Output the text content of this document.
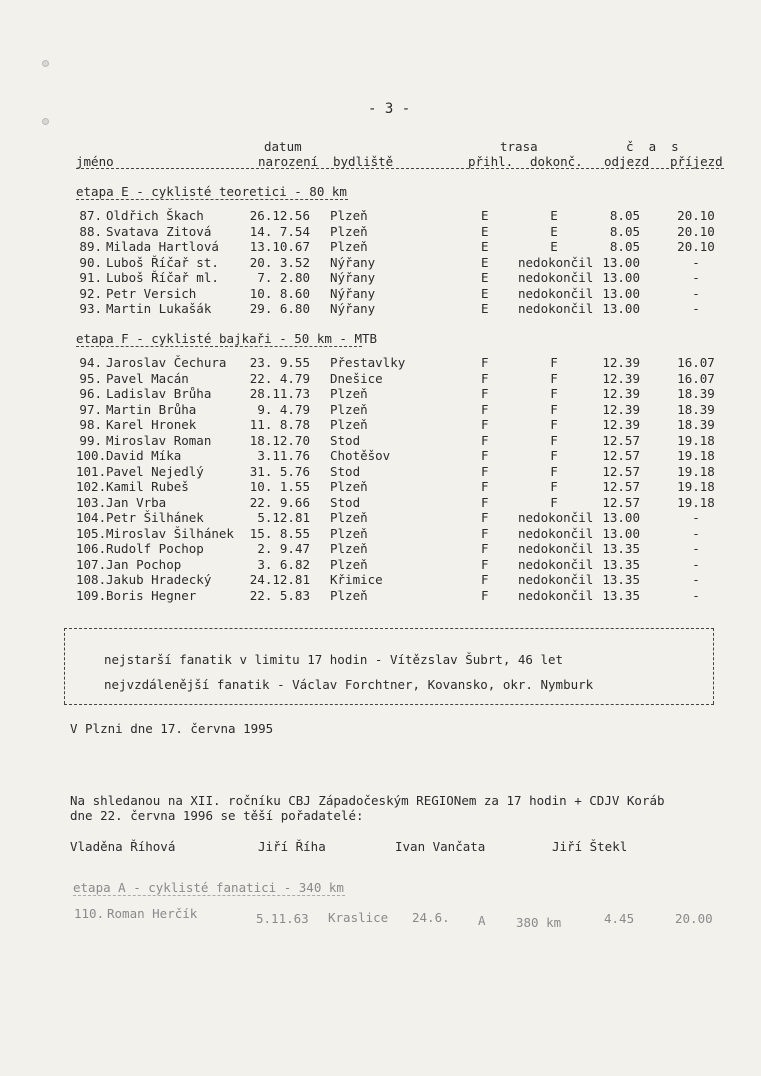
- 3 -
datum	trasa	č  a  s
jméno	narození bydliště	přihl. dokonč. odjezd příjezd
etapa E - cyklisté teoretici - 80 km
87. Oldřich Škach	26.12.56 Plzeň	E	E	8.05	20.10
88. Svatava Zitová	14. 7.54 Plzeň	E	E	8.05	20.10
89. Milada Hartlová	13.10.67 Plzeň	E	E	8.05	20.10
90. Luboš Říčař st.	20. 3.52 Nýřany	E nedokončil 13.00	-
91. Luboš Říčař ml.	7. 2.80 Nýřany	E nedokončil 13.00	-
92. Petr Versich	10. 8.60 Nýřany	E nedokončil 13.00	-
93. Martin Lukašák	29. 6.80 Nýřany	E nedokončil 13.00	-
etapa F - cyklisté bajkaři - 50 km - MTB
94. Jaroslav Čechura	23. 9.55 Přestavlky	F	F	12.39	16.07
95. Pavel Macán	22. 4.79 Dnešice	F	F	12.39	16.07
96. Ladislav Brůha	28.11.73 Plzeň	F	F	12.39	18.39
97. Martin Brůha	9. 4.79 Plzeň	F	F	12.39	18.39
98. Karel Hronek	11. 8.78 Plzeň	F	F	12.39	18.39
99. Miroslav Roman	18.12.70 Stod	F	F	12.57	19.18
100. David Míka	3.11.76 Chotěšov	F	F	12.57	19.18
101. Pavel Nejedlý	31. 5.76 Stod	F	F	12.57	19.18
102. Kamil Rubeš	10. 1.55 Plzeň	F	F	12.57	19.18
103. Jan Vrba	22. 9.66 Stod	F	F	12.57	19.18
104. Petr Šilhánek	5.12.81 Plzeň	F nedokončil 13.00	-
105. Miroslav Šilhánek	15. 8.55 Plzeň	F nedokončil 13.00	-
106. Rudolf Pochop	2. 9.47 Plzeň	F nedokončil 13.35	-
107. Jan Pochop	3. 6.82 Plzeň	F nedokončil 13.35	-
108. Jakub Hradecký	24.12.81 Křimice	F nedokončil 13.35	-
109. Boris Hegner	22. 5.83 Plzeň	F nedokončil 13.35	-
nejstarší fanatik v limitu 17 hodin - Vítězslav Šubrt, 46 let
nejvzdálenější fanatik - Václav Forchtner, Kovansko, okr. Nymburk
V Plzni dne 17. června 1995
Na shledanou na XII. ročníku CBJ Západočeským REGIONem za 17 hodin + CDJV Koráb
dne 22. června 1996 se těší pořadatelé:
Vladěna Říhová	Jiří Říha	Ivan Vančata	Jiří Štekl
etapa A - cyklisté fanatici - 340 km
110. Roman Herčík	5.11.63 Kraslice 24.6. A 380 km	4.45	20.00
